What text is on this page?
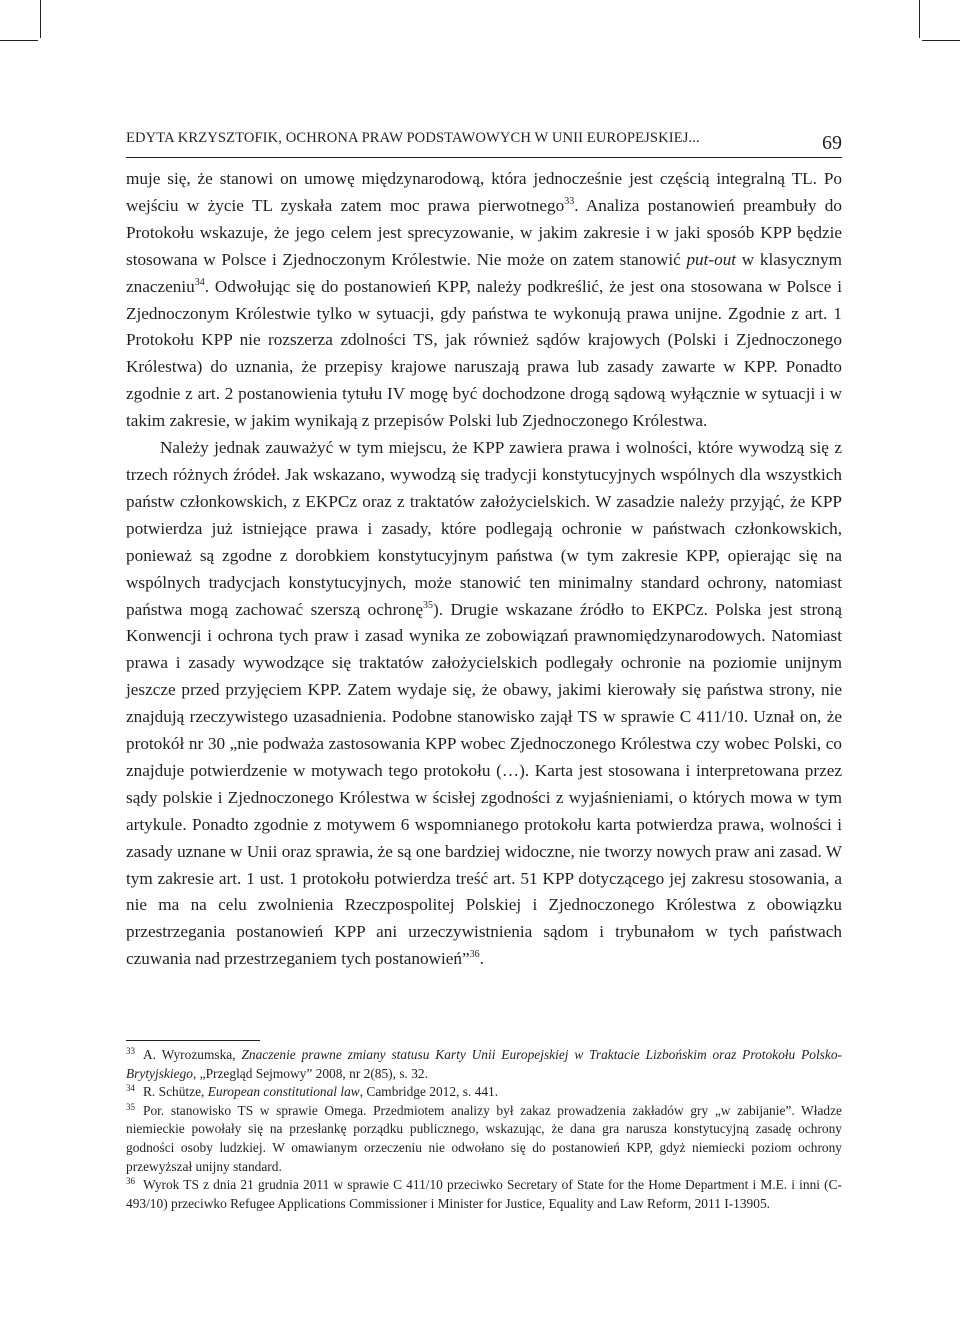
EDYTA KRZYSZTOFIK, OCHRONA PRAW PODSTAWOWYCH W UNII EUROPEJSKIEJ...	69

muje się, że stanowi on umowę międzynarodową, która jednocześnie jest częścią integralną TL. Po wejściu w życie TL zyskała zatem moc prawa pierwotnego$^{33}$. Analiza postanowień preambuły do Protokołu wskazuje, że jego celem jest sprecyzowanie, w jakim zakresie i w jaki sposób KPP będzie stosowana w Polsce i Zjednoczonym Królestwie. Nie może on zatem stanowić put-out w klasycznym znaczeniu$^{34}$. Odwołując się do postanowień KPP, należy podkreślić, że jest ona stosowana w Polsce i Zjednoczonym Królestwie tylko w sytuacji, gdy państwa te wykonują prawa unijne. Zgodnie z art. 1 Protokołu KPP nie rozszerza zdolności TS, jak również sądów krajowych (Polski i Zjednoczonego Królestwa) do uznania, że przepisy krajowe naruszają prawa lub zasady zawarte w KPP. Ponadto zgodnie z art. 2 postanowienia tytułu IV mogę być dochodzone drogą sądową wyłącznie w sytuacji i w takim zakresie, w jakim wynikają z przepisów Polski lub Zjednoczonego Królestwa.

Należy jednak zauważyć w tym miejscu, że KPP zawiera prawa i wolności, które wywodzą się z trzech różnych źródeł. Jak wskazano, wywodzą się tradycji konstytucyjnych wspólnych dla wszystkich państw członkowskich, z EKPCz oraz z traktatów założycielskich. W zasadzie należy przyjąć, że KPP potwierdza już istniejące prawa i zasady, które podlegają ochronie w państwach członkowskich, ponieważ są zgodne z dorobkiem konstytucyjnym państwa (w tym zakresie KPP, opierając się na wspólnych tradycjach konstytucyjnych, może stanowić ten minimalny standard ochrony, natomiast państwa mogą zachować szerszą ochronę$^{35}$). Drugie wskazane źródło to EKPCz. Polska jest stroną Konwencji i ochrona tych praw i zasad wynika ze zobowiązań prawnomiędzynarodowych. Natomiast prawa i zasady wywodzące się traktatów założycielskich podlegały ochronie na poziomie unijnym jeszcze przed przyjęciem KPP. Zatem wydaje się, że obawy, jakimi kierowały się państwa strony, nie znajdują rzeczywistego uzasadnienia. Podobne stanowisko zajął TS w sprawie C 411/10. Uznał on, że protokół nr 30 „nie podważa zastosowania KPP wobec Zjednoczonego Królestwa czy wobec Polski, co znajduje potwierdzenie w motywach tego protokołu (…). Karta jest stosowana i interpretowana przez sądy polskie i Zjednoczonego Królestwa w ścisłej zgodności z wyjaśnieniami, o których mowa w tym artykule. Ponadto zgodnie z motywem 6 wspomnianego protokołu karta potwierdza prawa, wolności i zasady uznane w Unii oraz sprawia, że są one bardziej widoczne, nie tworzy nowych praw ani zasad. W tym zakresie art. 1 ust. 1 protokołu potwierdza treść art. 51 KPP dotyczącego jej zakresu stosowania, a nie ma na celu zwolnienia Rzeczpospolitej Polskiej i Zjednoczonego Królestwa z obowiązku przestrzegania postanowień KPP ani urzeczywistnienia sądom i trybunałom w tych państwach czuwania nad przestrzeganiem tych postanowień”$^{36}$.

$^{33}$ A. Wyrozumska, Znaczenie prawne zmiany statusu Karty Unii Europejskiej w Traktacie Lizbońskim oraz Protokołu Polsko-Brytyjskiego, „Przegląd Sejmowy” 2008, nr 2(85), s. 32.

$^{34}$ R. Schütze, European constitutional law, Cambridge 2012, s. 441.

$^{35}$ Por. stanowisko TS w sprawie Omega. Przedmiotem analizy był zakaz prowadzenia zakładów gry „w zabijanie”. Władze niemieckie powołały się na przesłankę porządku publicznego, wskazując, że dana gra narusza konstytucyjną zasadę ochrony godności osoby ludzkiej. W omawianym orzeczeniu nie odwołano się do postanowień KPP, gdyż niemiecki poziom ochrony przewyższał unijny standard.

$^{36}$ Wyrok TS z dnia 21 grudnia 2011 w sprawie C 411/10 przeciwko Secretary of State for the Home Department i M.E. i inni (C-493/10) przeciwko Refugee Applications Commissioner i Minister for Justice, Equality and Law Reform, 2011 I-13905.
